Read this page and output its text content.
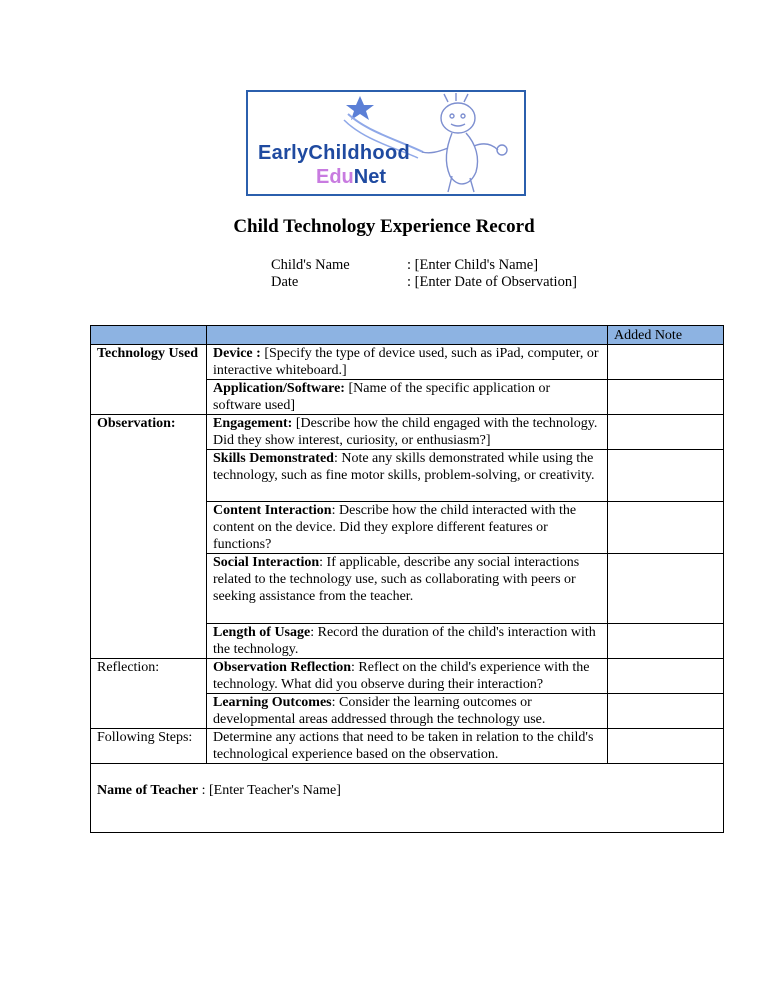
EarlyChildhood
EduNet
Child Technology Experience Record
Child's Name	: [Enter Child's Name]
Date	: [Enter Date of Observation]
		Added Note
Technology Used	Device : [Specify the type of device used, such as iPad, computer, or interactive whiteboard.]	
	Application/Software: [Name of the specific application or software used]	
Observation:	Engagement: [Describe how the child engaged with the technology. Did they show interest, curiosity, or enthusiasm?]	
	Skills Demonstrated: Note any skills demonstrated while using the technology, such as fine motor skills, problem-solving, or creativity.	
	Content Interaction: Describe how the child interacted with the content on the device. Did they explore different features or functions?	
	Social Interaction: If applicable, describe any social interactions related to the technology use, such as collaborating with peers or seeking assistance from the teacher.	
	Length of Usage: Record the duration of the child's interaction with the technology.	
Reflection:	Observation Reflection: Reflect on the child's experience with the technology. What did you observe during their interaction?	
	Learning Outcomes: Consider the learning outcomes or developmental areas addressed through the technology use.	
Following Steps:	Determine any actions that need to be taken in relation to the child's technological experience based on the observation.	
Name of Teacher : [Enter Teacher's Name]		
